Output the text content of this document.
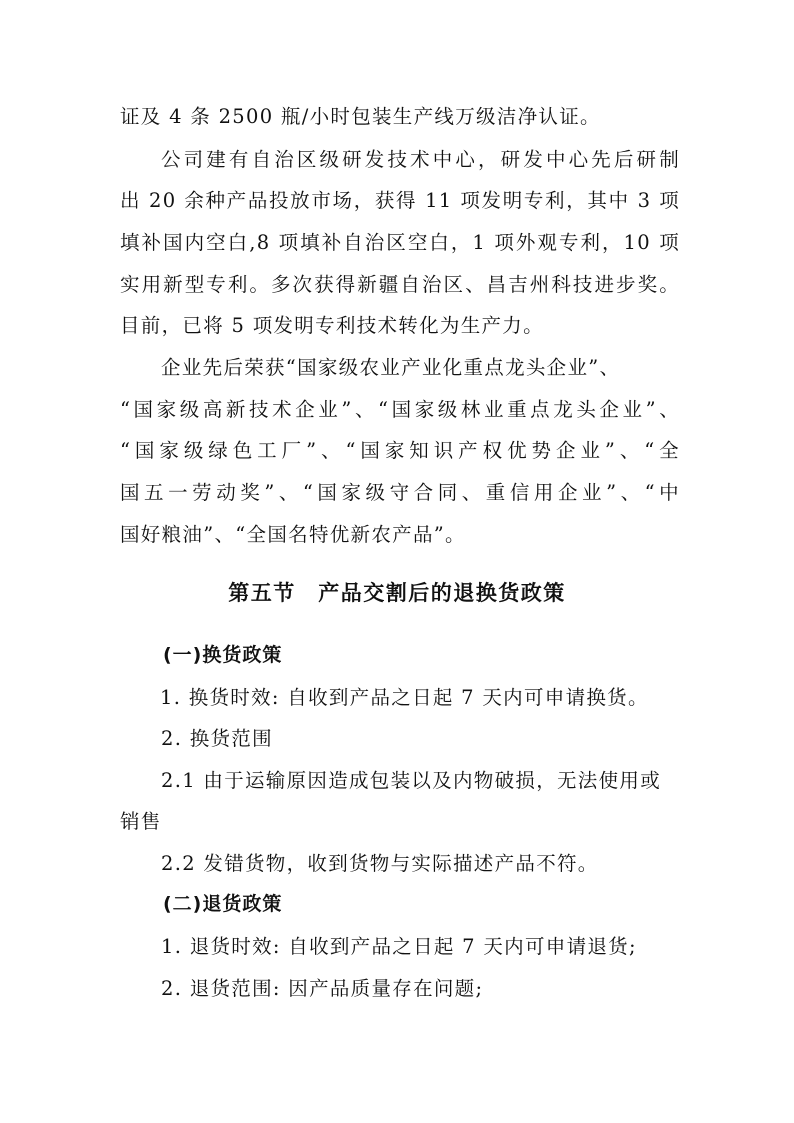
证及 4 条 2500 瓶/小时包装生产线万级洁净认证。
公司建有自治区级研发技术中心，研发中心先后研制
出 20 余种产品投放市场，获得 11 项发明专利，其中 3 项
填补国内空白,8 项填补自治区空白，1 项外观专利，10 项
实用新型专利。多次获得新疆自治区、昌吉州科技进步奖。
目前，已将 5 项发明专利技术转化为生产力。
企业先后荣获“国家级农业产业化重点龙头企业”、
“国家级高新技术企业”、“国家级林业重点龙头企业”、
“国家级绿色工厂”、“国家知识产权优势企业”、“全
国五一劳动奖”、“国家级守合同、重信用企业”、“中
国好粮油”、“全国名特优新农产品”。
第五节　产品交割后的退换货政策
(一)换货政策
1. 换货时效: 自收到产品之日起 7 天内可申请换货。
2. 换货范围
2.1 由于运输原因造成包装以及内物破损，无法使用或
销售
2.2 发错货物，收到货物与实际描述产品不符。
(二)退货政策
1. 退货时效: 自收到产品之日起 7 天内可申请退货;
2. 退货范围: 因产品质量存在问题;
